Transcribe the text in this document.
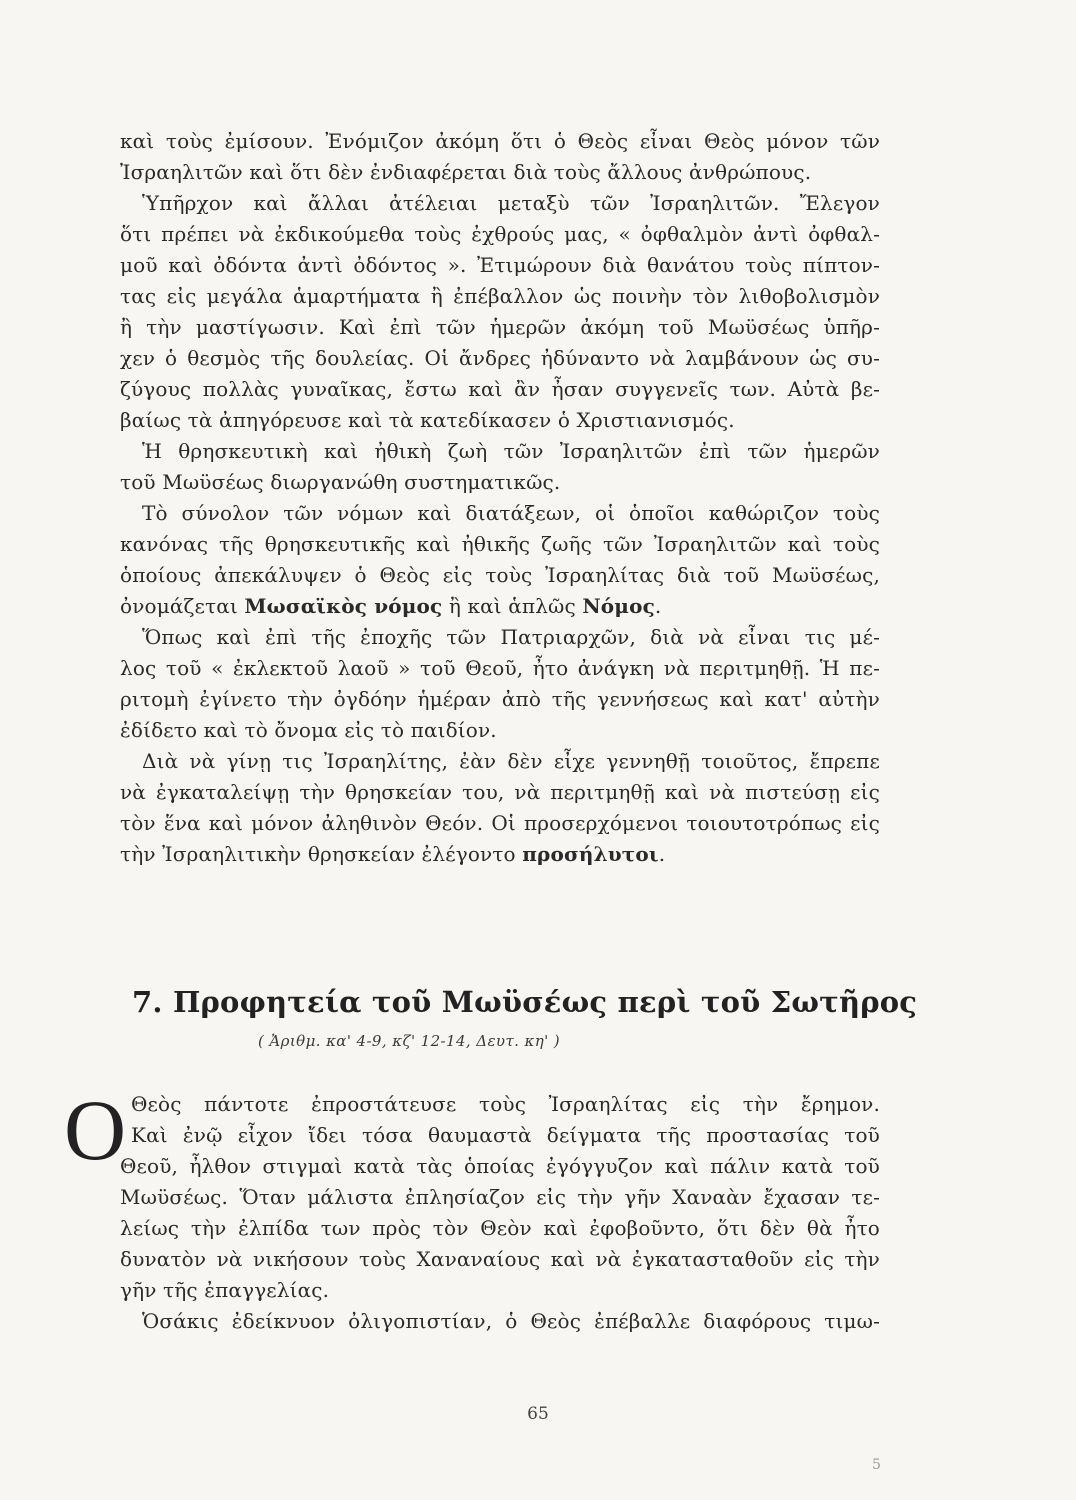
καὶ τοὺς ἐμίσουν. Ἐνόμιζον ἀκόμη ὅτι ὁ Θεὸς εἶναι Θεὸς μόνον τῶν
Ἰσραηλιτῶν καὶ ὅτι δὲν ἐνδιαφέρεται διὰ τοὺς ἄλλους ἀνθρώπους.
Ὑπῆρχον καὶ ἄλλαι ἀτέλειαι μεταξὺ τῶν Ἰσραηλιτῶν. Ἔλεγον
ὅτι πρέπει νὰ ἐκδικούμεθα τοὺς ἐχθρούς μας, « ὀφθαλμὸν ἀντὶ ὀφθαλ-
μοῦ καὶ ὀδόντα ἀντὶ ὀδόντος ». Ἐτιμώρουν διὰ θανάτου τοὺς πίπτον-
τας εἰς μεγάλα ἁμαρτήματα ἢ ἐπέβαλλον ὡς ποινὴν τὸν λιθοβολισμὸν
ἢ τὴν μαστίγωσιν. Καὶ ἐπὶ τῶν ἡμερῶν ἀκόμη τοῦ Μωϋσέως ὑπῆρ-
χεν ὁ θεσμὸς τῆς δουλείας. Οἱ ἄνδρες ἠδύναντο νὰ λαμβάνουν ὡς συ-
ζύγους πολλὰς γυναῖκας, ἔστω καὶ ἂν ἦσαν συγγενεῖς των. Αὐτὰ βε-
βαίως τὰ ἀπηγόρευσε καὶ τὰ κατεδίκασεν ὁ Χριστιανισμός.
Ἡ θρησκευτικὴ καὶ ἠθικὴ ζωὴ τῶν Ἰσραηλιτῶν ἐπὶ τῶν ἡμερῶν
τοῦ Μωϋσέως διωργανώθη συστηματικῶς.
Τὸ σύνολον τῶν νόμων καὶ διατάξεων, οἱ ὁποῖοι καθώριζον τοὺς
κανόνας τῆς θρησκευτικῆς καὶ ἠθικῆς ζωῆς τῶν Ἰσραηλιτῶν καὶ τοὺς
ὁποίους ἀπεκάλυψεν ὁ Θεὸς εἰς τοὺς Ἰσραηλίτας διὰ τοῦ Μωϋσέως,
ὀνομάζεται Μωσαϊκὸς νόμος ἢ καὶ ἁπλῶς Νόμος.
Ὅπως καὶ ἐπὶ τῆς ἐποχῆς τῶν Πατριαρχῶν, διὰ νὰ εἶναι τις μέ-
λος τοῦ « ἐκλεκτοῦ λαοῦ » τοῦ Θεοῦ, ἦτο ἀνάγκη νὰ περιτμηθῇ. Ἡ πε-
ριτομὴ ἐγίνετο τὴν ὀγδόην ἡμέραν ἀπὸ τῆς γεννήσεως καὶ κατ' αὐτὴν
ἐδίδετο καὶ τὸ ὄνομα εἰς τὸ παιδίον.
Διὰ νὰ γίνῃ τις Ἰσραηλίτης, ἐὰν δὲν εἶχε γεννηθῇ τοιοῦτος, ἔπρεπε
νὰ ἐγκαταλείψῃ τὴν θρησκείαν του, νὰ περιτμηθῇ καὶ νὰ πιστεύσῃ εἰς
τὸν ἕνα καὶ μόνον ἀληθινὸν Θεόν. Οἱ προσερχόμενοι τοιουτοτρόπως εἰς
τὴν Ἰσραηλιτικὴν θρησκείαν ἐλέγοντο προσήλυτοι.
7. Προφητεία τοῦ Μωϋσέως περὶ τοῦ Σωτῆρος
( Ἀριθμ. κα' 4-9, κζ' 12-14, Δευτ. κη' )
Ο Θεὸς πάντοτε ἐπροστάτευσε τοὺς Ἰσραηλίτας εἰς τὴν ἔρημον.
Καὶ ἐνῷ εἶχον ἴδει τόσα θαυμαστὰ δείγματα τῆς προστασίας τοῦ
Θεοῦ, ἦλθον στιγμαὶ κατὰ τὰς ὁποίας ἐγόγγυζον καὶ πάλιν κατὰ τοῦ
Μωϋσέως. Ὅταν μάλιστα ἐπλησίαζον εἰς τὴν γῆν Χαναὰν ἔχασαν τε-
λείως τὴν ἐλπίδα των πρὸς τὸν Θεὸν καὶ ἐφοβοῦντο, ὅτι δὲν θὰ ἦτο
δυνατὸν νὰ νικήσουν τοὺς Χαναναίους καὶ νὰ ἐγκατασταθοῦν εἰς τὴν
γῆν τῆς ἐπαγγελίας.
Ὁσάκις ἐδείκνυον ὀλιγοπιστίαν, ὁ Θεὸς ἐπέβαλλε διαφόρους τιμω-
65
5
